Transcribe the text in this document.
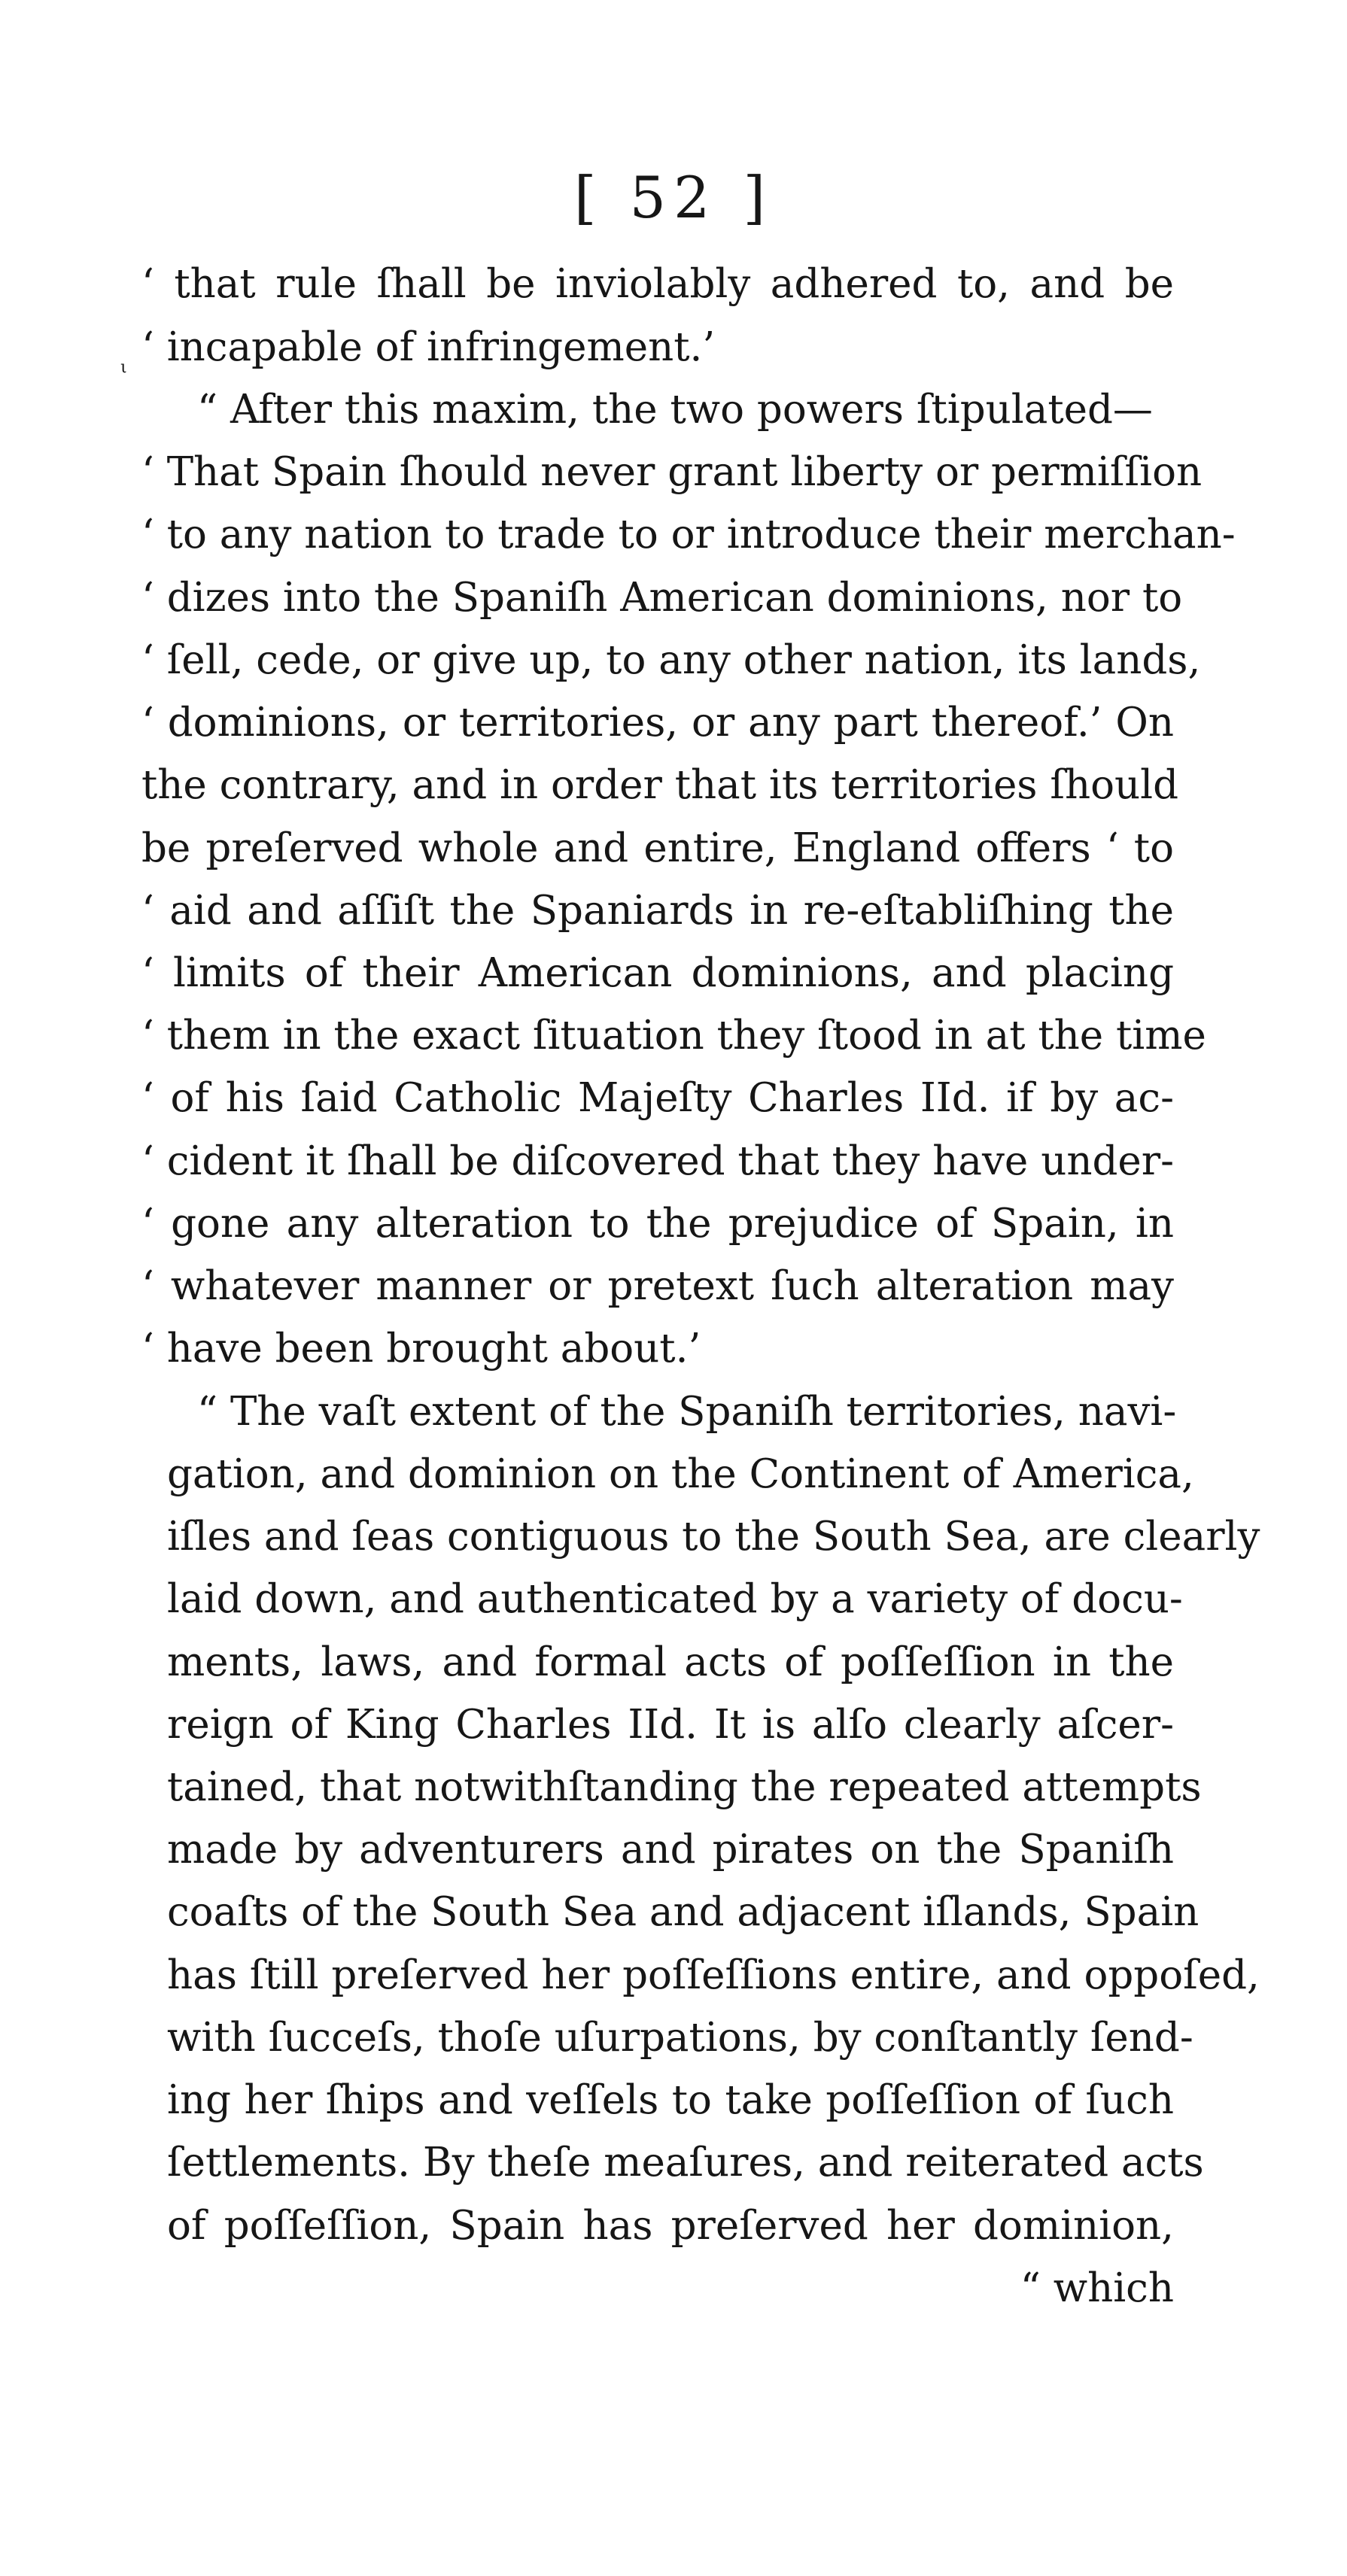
[ 52 ]
ι
‘ that rule ſhall be inviolably adhered to, and be
‘ incapable of infringement.’
“ After this maxim, the two powers ſtipulated—
‘ That Spain ſhould never grant liberty or permiſſion
‘ to any nation to trade to or introduce their merchan-
‘ dizes into the Spaniſh American dominions, nor to
‘ ſell, cede, or give up, to any other nation, its lands,
‘ dominions, or territories, or any part thereof.’ On
the contrary, and in order that its territories ſhould
be preſerved whole and entire, England offers ‘ to
‘ aid and aſſiſt the Spaniards in re-eſtabliſhing the
‘ limits of their American dominions, and placing
‘ them in the exact ſituation they ſtood in at the time
‘ of his ſaid Catholic Majeſty Charles IId. if by ac-
‘ cident it ſhall be diſcovered that they have under-
‘ gone any alteration to the prejudice of Spain, in
‘ whatever manner or pretext ſuch alteration may
‘ have been brought about.’
“ The vaſt extent of the Spaniſh territories, navi-
gation, and dominion on the Continent of America,
iſles and ſeas contiguous to the South Sea, are clearly
laid down, and authenticated by a variety of docu-
ments, laws, and formal acts of poſſeſſion in the
reign of King Charles IId. It is alſo clearly aſcer-
tained, that notwithſtanding the repeated attempts
made by adventurers and pirates on the Spaniſh
coaſts of the South Sea and adjacent iſlands, Spain
has ſtill preſerved her poſſeſſions entire, and oppoſed,
with ſucceſs, thoſe uſurpations, by conſtantly ſend-
ing her ſhips and veſſels to take poſſeſſion of ſuch
ſettlements. By theſe meaſures, and reiterated acts
of poſſeſſion, Spain has preſerved her dominion,
“ which
